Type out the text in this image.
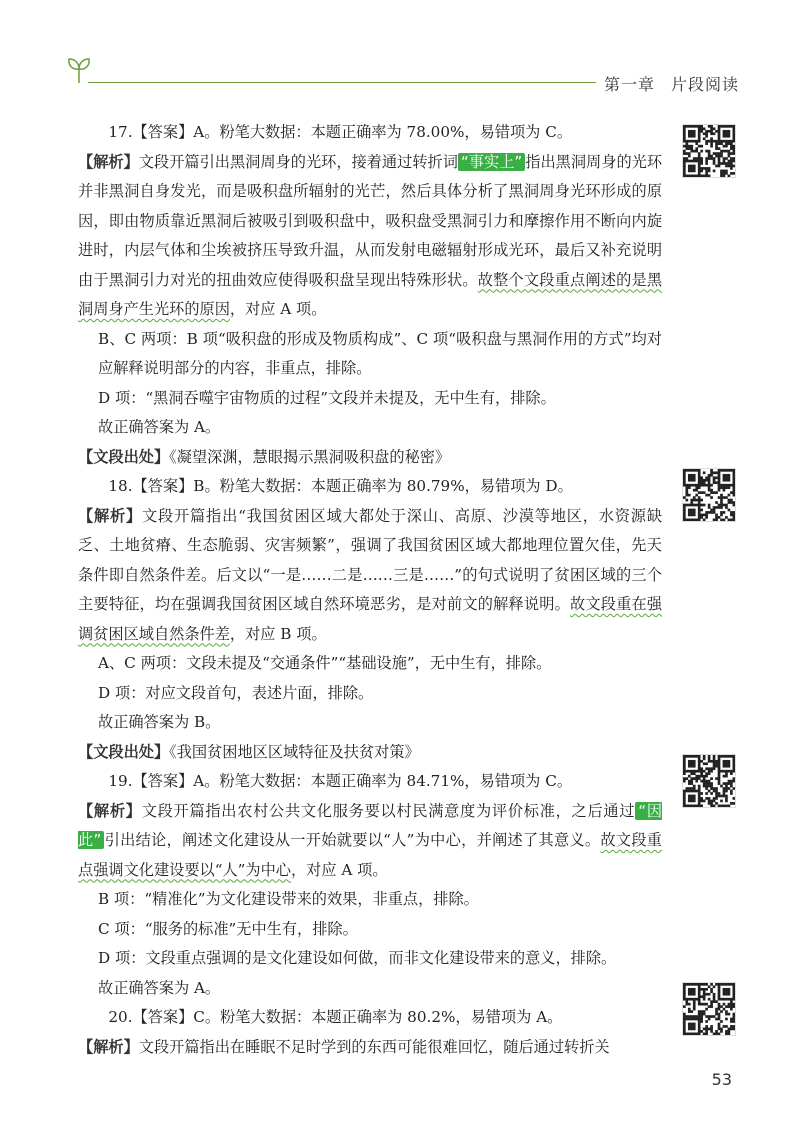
第一章 片段阅读

17.【答案】A。粉笔大数据：本题正确率为 78.00%，易错项为 C。

【解析】文段开篇引出黑洞周身的光环，接着通过转折词 “事实上” 指出黑洞周身的光环并非黑洞自身发光，而是吸积盘所辐射的光芒，然后具体分析了黑洞周身光环形成的原因，即由物质靠近黑洞后被吸引到吸积盘中，吸积盘受黑洞引力和摩擦作用不断向内旋进时，内层气体和尘埃被挤压导致升温，从而发射电磁辐射形成光环，最后又补充说明由于黑洞引力对光的扭曲效应使得吸积盘呈现出特殊形状。故整个文段重点阐述的是黑洞周身产生光环的原因，对应 A 项。

B、C 两项：B 项“吸积盘的形成及物质构成”、C 项“吸积盘与黑洞作用的方式”均对应解释说明部分的内容，非重点，排除。

D 项：“黑洞吞噬宇宙物质的过程”文段并未提及，无中生有，排除。

故正确答案为 A。

【文段出处】《凝望深渊，慧眼揭示黑洞吸积盘的秘密》

18.【答案】B。粉笔大数据：本题正确率为 80.79%，易错项为 D。

【解析】文段开篇指出“我国贫困区域大都处于深山、高原、沙漠等地区，水资源缺乏、土地贫瘠、生态脆弱、灾害频繁”，强调了我国贫困区域大都地理位置欠佳，先天条件即自然条件差。后文以“一是……二是……三是……”的句式说明了贫困区域的三个主要特征，均在强调我国贫困区域自然环境恶劣，是对前文的解释说明。故文段重在强调贫困区域自然条件差，对应 B 项。

A、C 两项：文段未提及“交通条件”“基础设施”，无中生有，排除。

D 项：对应文段首句，表述片面，排除。

故正确答案为 B。

【文段出处】《我国贫困地区区域特征及扶贫对策》

19.【答案】A。粉笔大数据：本题正确率为 84.71%，易错项为 C。

【解析】文段开篇指出农村公共文化服务要以村民满意度为评价标准，之后通过 “因此” 引出结论，阐述文化建设从一开始就要以“人”为中心，并阐述了其意义。故文段重点强调文化建设要以“人”为中心，对应 A 项。

B 项：“精准化”为文化建设带来的效果，非重点，排除。

C 项：“服务的标准”无中生有，排除。

D 项：文段重点强调的是文化建设如何做，而非文化建设带来的意义，排除。

故正确答案为 A。

20.【答案】C。粉笔大数据：本题正确率为 80.2%，易错项为 A。

【解析】文段开篇指出在睡眠不足时学到的东西可能很难回忆，随后通过转折关

53
